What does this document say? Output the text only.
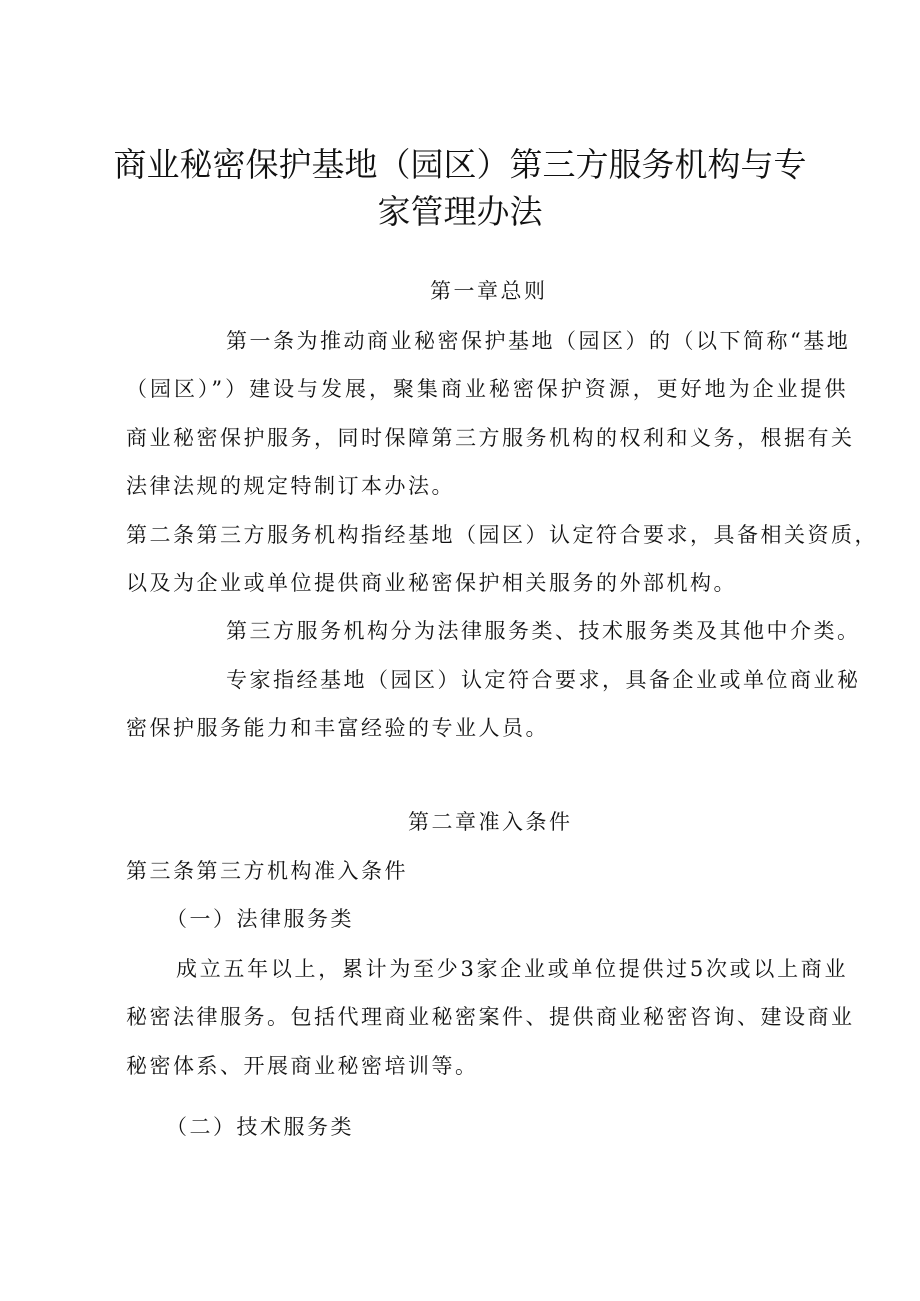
商业秘密保护基地（园区）第三方服务机构与专
家管理办法
第一章总则
第一条为推动商业秘密保护基地（园区）的（以下简称“基地
（园区）”）建设与发展，聚集商业秘密保护资源，更好地为企业提供
商业秘密保护服务，同时保障第三方服务机构的权利和义务，根据有关
法律法规的规定特制订本办法。
第二条第三方服务机构指经基地（园区）认定符合要求，具备相关资质，
以及为企业或单位提供商业秘密保护相关服务的外部机构。
第三方服务机构分为法律服务类、技术服务类及其他中介类。
专家指经基地（园区）认定符合要求，具备企业或单位商业秘
密保护服务能力和丰富经验的专业人员。
第二章准入条件
第三条第三方机构准入条件
（一）法律服务类
成立五年以上，累计为至少3家企业或单位提供过5次或以上商业
秘密法律服务。包括代理商业秘密案件、提供商业秘密咨询、建设商业
秘密体系、开展商业秘密培训等。
（二）技术服务类
